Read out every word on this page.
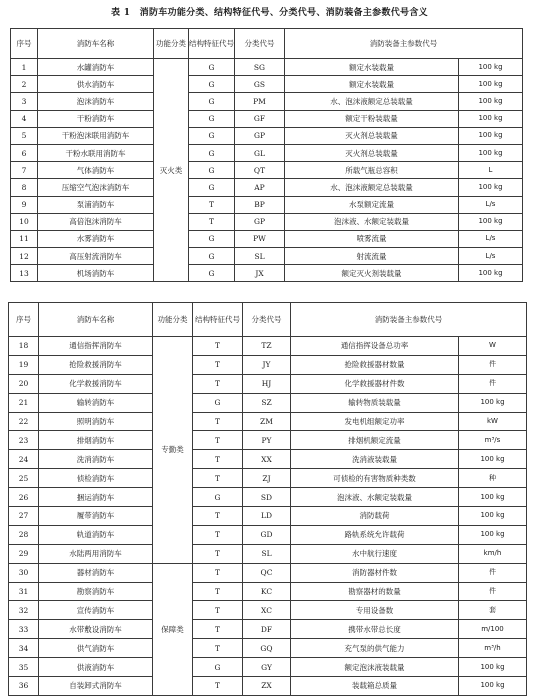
表 1　消防车功能分类、结构特征代号、分类代号、消防装备主参数代号含义
序号	消防车名称	功能分类	结构特征代号	分类代号	消防装备主参数代号	
1	水罐消防车	灭火类	G	SG	额定水装载量	100 kg
2	供水消防车		G	GS	额定水装载量	100 kg
3	泡沫消防车		G	PM	水、泡沫液额定总装载量	100 kg
4	干粉消防车		G	GF	额定干粉装载量	100 kg
5	干粉泡沫联用消防车		G	GP	灭火剂总装载量	100 kg
6	干粉水联用消防车		G	GL	灭火剂总装载量	100 kg
7	气体消防车		G	QT	所载气瓶总容积	L
8	压缩空气泡沫消防车		G	AP	水、泡沫液额定总装载量	100 kg
9	泵浦消防车		T	BP	水泵额定流量	L/s
10	高倍泡沫消防车		T	GP	泡沫液、水额定装载量	100 kg
11	水雾消防车		G	PW	喷雾流量	L/s
12	高压射流消防车		G	SL	射流流量	L/s
13	机场消防车		G	JX	额定灭火剂装载量	100 kg
序号	消防车名称	功能分类	结构特征代号	分类代号	消防装备主参数代号	
18	通信指挥消防车	专勤类	T	TZ	通信指挥设备总功率	W
19	抢险救援消防车		T	JY	抢险救援器材数量	件
20	化学救援消防车		T	HJ	化学救援器材件数	件
21	输转消防车		G	SZ	输转物质装载量	100 kg
22	照明消防车		T	ZM	发电机组额定功率	kW
23	排烟消防车		T	PY	排烟机额定流量	m³/s
24	洗消消防车		T	XX	洗消液装载量	100 kg
25	侦检消防车		T	ZJ	可侦检的有害物质种类数	种
26	捆运消防车		G	SD	泡沫液、水额定装载量	100 kg
27	履带消防车		T	LD	消防载荷	100 kg
28	轨道消防车		T	GD	路轨系统允许载荷	100 kg
29	水陆两用消防车		T	SL	水中航行速度	km/h
30	器材消防车	保障类	T	QC	消防器材件数	件
31	勘察消防车		T	KC	勘察器材的数量	件
32	宣传消防车		T	XC	专用设备数	套
33	水带敷设消防车		T	DF	携带水带总长度	m/100
34	供气消防车		T	GQ	充气泵的供气能力	m³/h
35	供液消防车		G	GY	额定泡沫液装载量	100 kg
36	自装卸式消防车		T	ZX	装载箱总质量	100 kg
